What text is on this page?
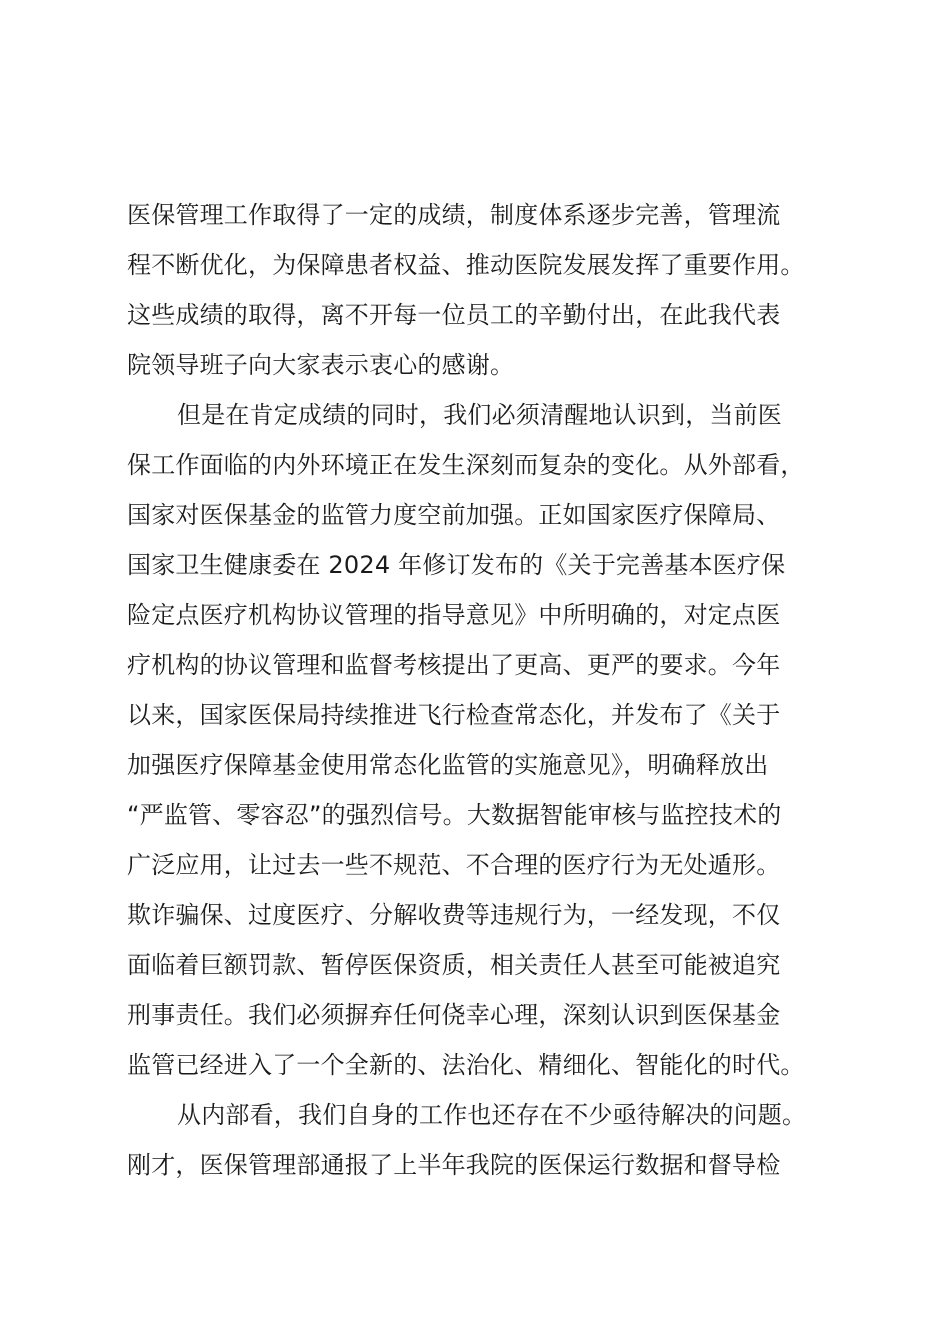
医保管理工作取得了一定的成绩，制度体系逐步完善，管理流

程不断优化，为保障患者权益、推动医院发展发挥了重要作用。

这些成绩的取得，离不开每一位员工的辛勤付出，在此我代表

院领导班子向大家表示衷心的感谢。

但是在肯定成绩的同时，我们必须清醒地认识到，当前医

保工作面临的内外环境正在发生深刻而复杂的变化。从外部看，

国家对医保基金的监管力度空前加强。正如国家医疗保障局、

国家卫生健康委在 2024 年修订发布的《关于完善基本医疗保

险定点医疗机构协议管理的指导意见》中所明确的，对定点医

疗机构的协议管理和监督考核提出了更高、更严的要求。今年

以来，国家医保局持续推进飞行检查常态化，并发布了《关于

加强医疗保障基金使用常态化监管的实施意见》，明确释放出

“严监管、零容忍”的强烈信号。大数据智能审核与监控技术的

广泛应用，让过去一些不规范、不合理的医疗行为无处遁形。

欺诈骗保、过度医疗、分解收费等违规行为，一经发现，不仅

面临着巨额罚款、暂停医保资质，相关责任人甚至可能被追究

刑事责任。我们必须摒弃任何侥幸心理，深刻认识到医保基金

监管已经进入了一个全新的、法治化、精细化、智能化的时代。

从内部看，我们自身的工作也还存在不少亟待解决的问题。

刚才，医保管理部通报了上半年我院的医保运行数据和督导检
